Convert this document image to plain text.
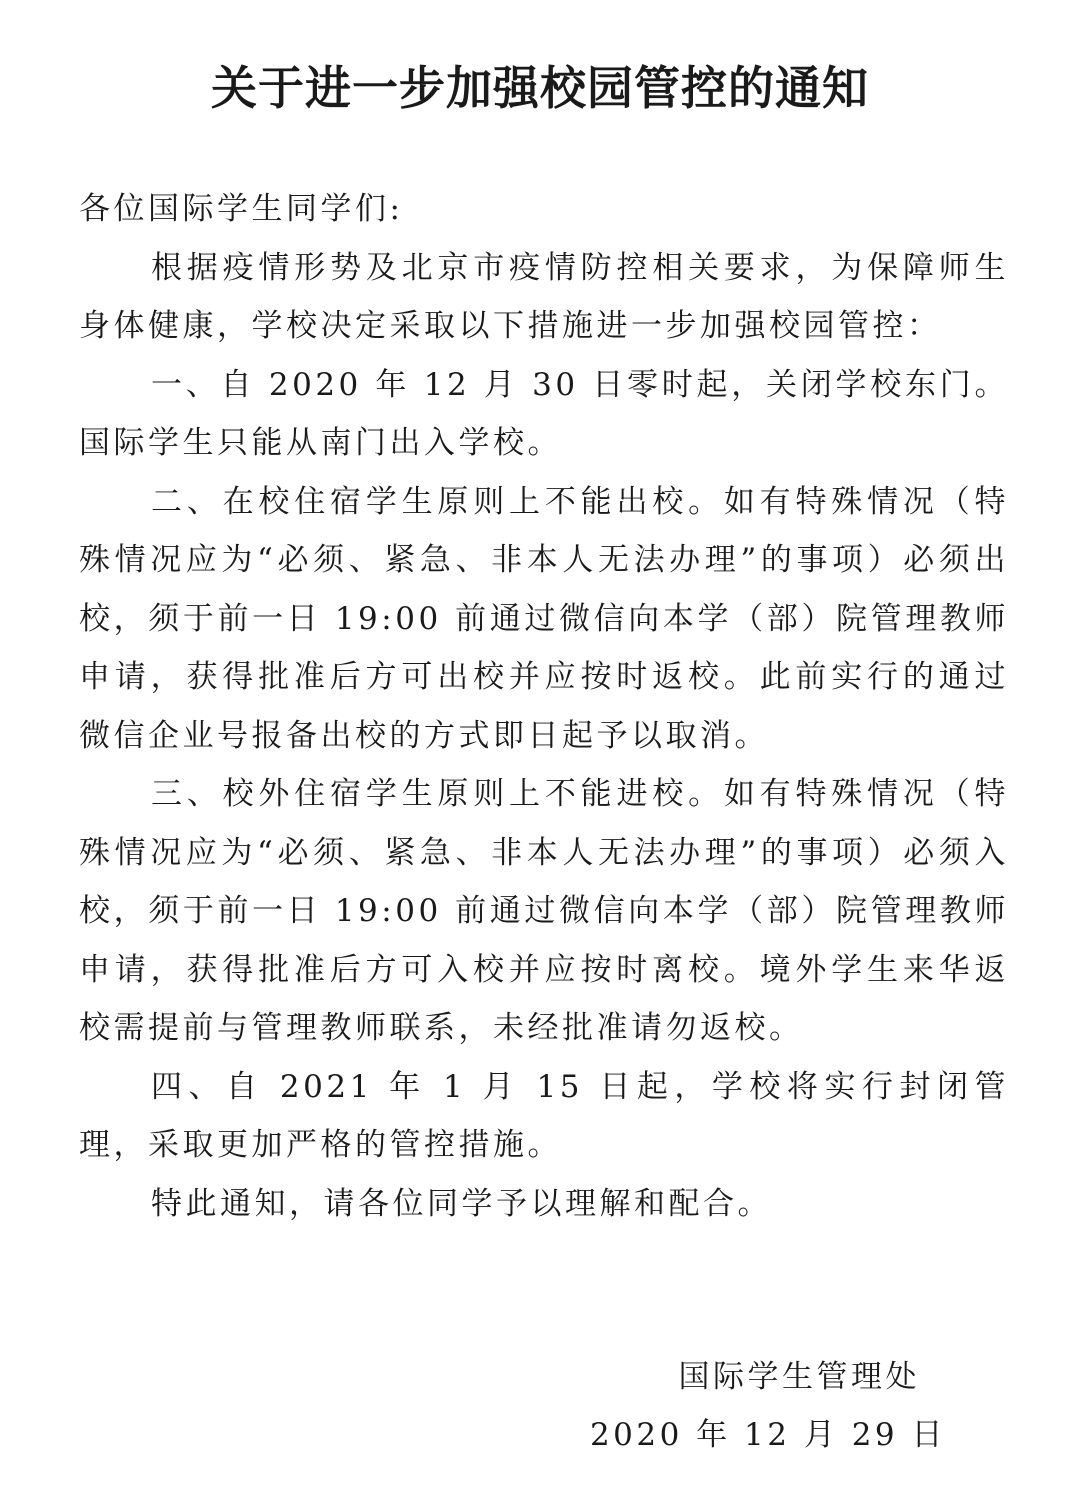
关于进一步加强校园管控的通知

各位国际学生同学们:

根据疫情形势及北京市疫情防控相关要求，为保障师生身体健康，学校决定采取以下措施进一步加强校园管控：

一、自 2020 年 12 月 30 日零时起，关闭学校东门。国际学生只能从南门出入学校。

二、在校住宿学生原则上不能出校。如有特殊情况（特殊情况应为“必须、紧急、非本人无法办理”的事项）必须出校，须于前一日 19:00 前通过微信向本学（部）院管理教师申请，获得批准后方可出校并应按时返校。此前实行的通过微信企业号报备出校的方式即日起予以取消。

三、校外住宿学生原则上不能进校。如有特殊情况（特殊情况应为“必须、紧急、非本人无法办理”的事项）必须入校，须于前一日 19:00 前通过微信向本学（部）院管理教师申请，获得批准后方可入校并应按时离校。境外学生来华返校需提前与管理教师联系，未经批准请勿返校。

四、自 2021 年 1 月 15 日起，学校将实行封闭管理，采取更加严格的管控措施。

特此通知，请各位同学予以理解和配合。

国际学生管理处

2020 年 12 月 29 日
